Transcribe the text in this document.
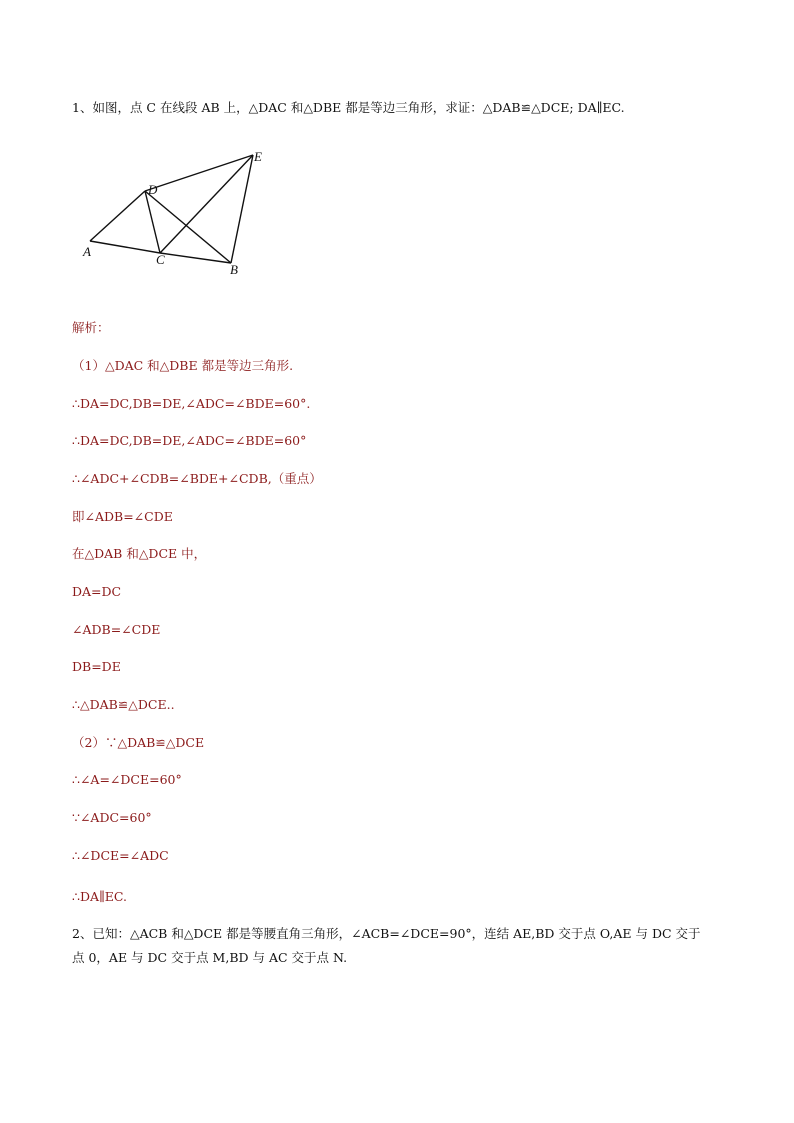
1、如图，点 C 在线段 AB 上，△DAC 和△DBE 都是等边三角形，求证：△DAB≌△DCE; DA∥EC.
A
D
E
C
B
解析：
（1）△DAC 和△DBE 都是等边三角形.
∴DA=DC,DB=DE,∠ADC=∠BDE=60°.
∴DA=DC,DB=DE,∠ADC=∠BDE=60°
∴∠ADC+∠CDB=∠BDE+∠CDB,（重点）
即∠ADB=∠CDE
在△DAB 和△DCE 中，
DA=DC
∠ADB=∠CDE
DB=DE
∴△DAB≌△DCE..
（2）∵△DAB≌△DCE
∴∠A=∠DCE=60°
∵∠ADC=60°
∴∠DCE=∠ADC
∴DA∥EC.
2、已知：△ACB 和△DCE 都是等腰直角三角形，∠ACB=∠DCE=90°，连结 AE,BD 交于点 O,AE 与 DC 交于
点 0，AE 与 DC 交于点 M,BD 与 AC 交于点 N.
